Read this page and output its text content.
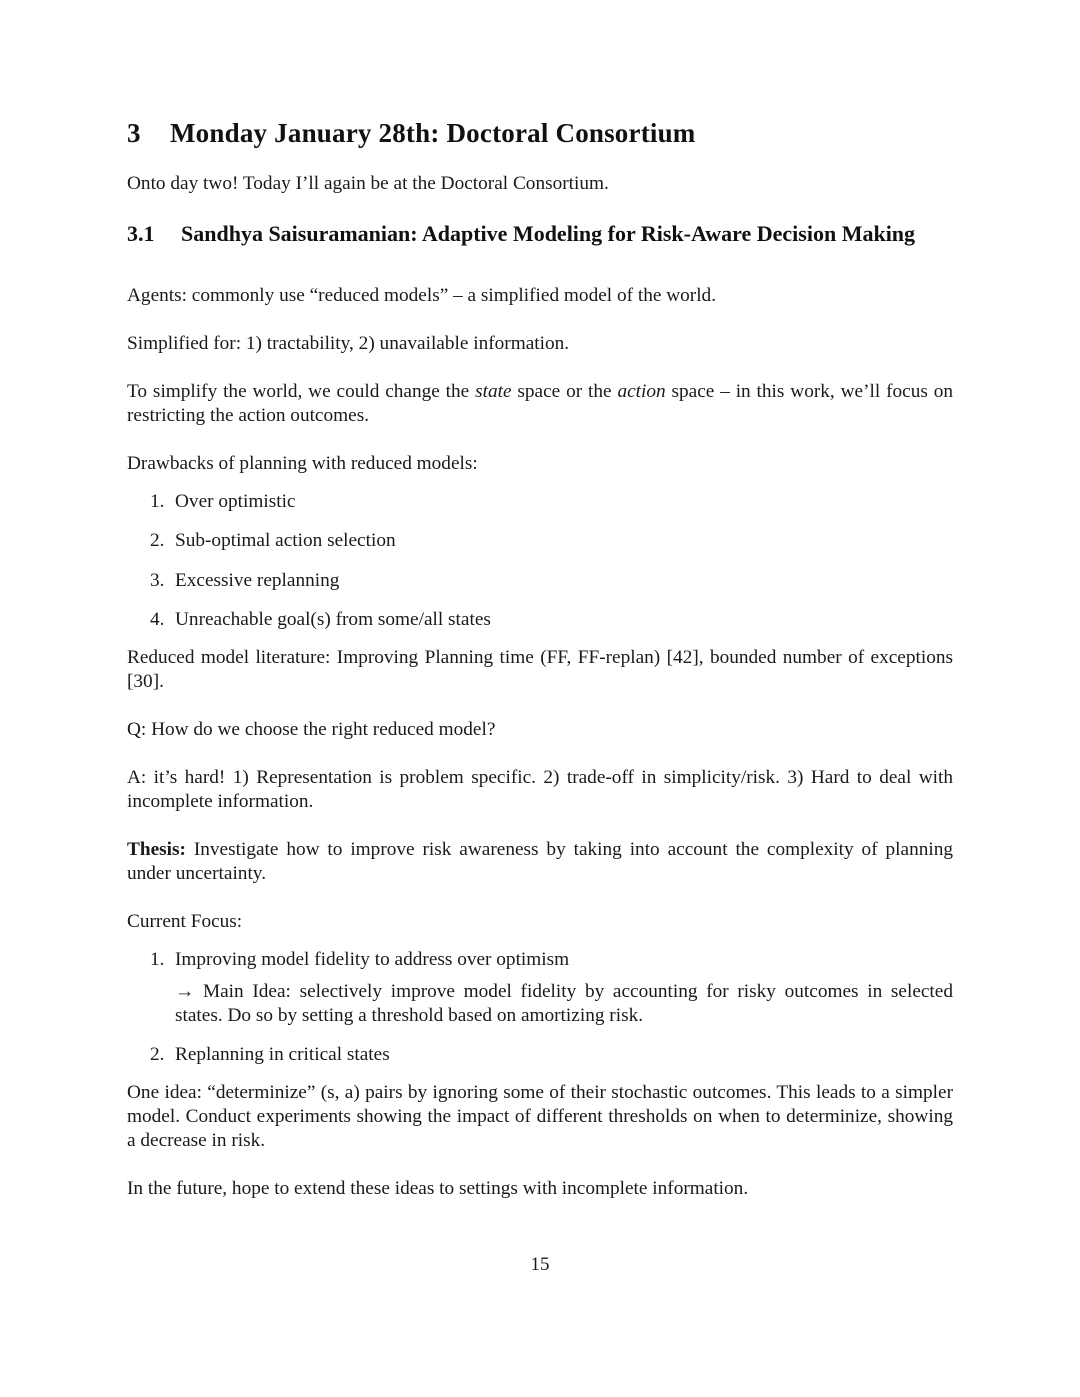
3 Monday January 28th: Doctoral Consortium
Onto day two! Today I’ll again be at the Doctoral Consortium.
3.1	Sandhya Saisuramanian: Adaptive Modeling for Risk-Aware Decision Making
Agents: commonly use “reduced models” – a simplified model of the world.
Simplified for: 1) tractability, 2) unavailable information.
To simplify the world, we could change the state space or the action space – in this work, we’ll focus on restricting the action outcomes.
Drawbacks of planning with reduced models:
1. Over optimistic
2. Sub-optimal action selection
3. Excessive replanning
4. Unreachable goal(s) from some/all states
Reduced model literature: Improving Planning time (FF, FF-replan) [42], bounded number of exceptions [30].
Q: How do we choose the right reduced model?
A: it’s hard! 1) Representation is problem specific. 2) trade-off in simplicity/risk. 3) Hard to deal with incomplete information.
Thesis: Investigate how to improve risk awareness by taking into account the complexity of planning under uncertainty.
Current Focus:
1. Improving model fidelity to address over optimism
→ Main Idea: selectively improve model fidelity by accounting for risky outcomes in selected states. Do so by setting a threshold based on amortizing risk.
2. Replanning in critical states
One idea: “determinize” (s, a) pairs by ignoring some of their stochastic outcomes. This leads to a simpler model. Conduct experiments showing the impact of different thresholds on when to determinize, showing a decrease in risk.
In the future, hope to extend these ideas to settings with incomplete information.
15
